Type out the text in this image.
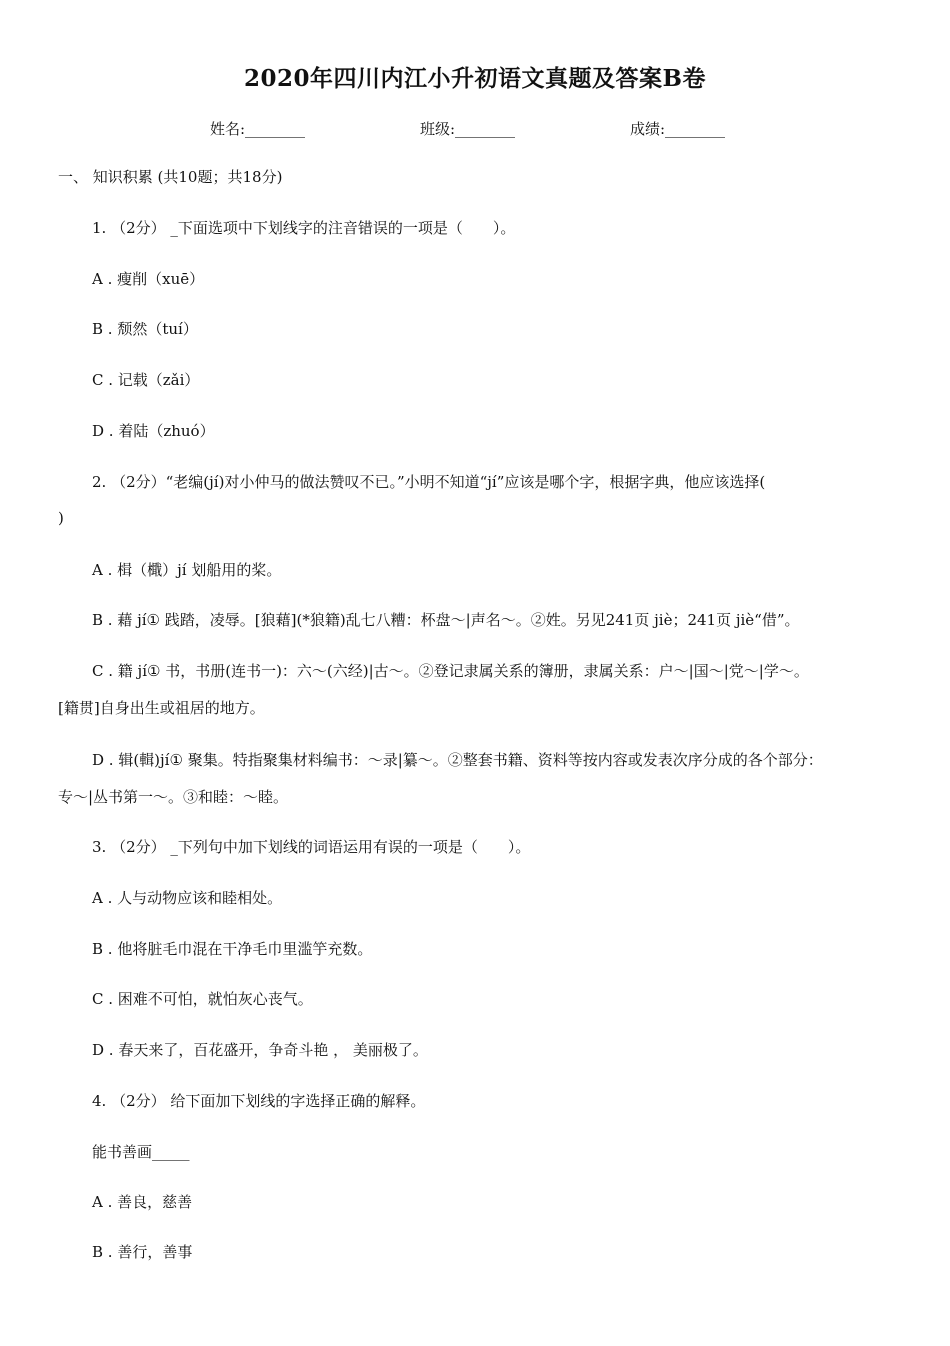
2020年四川内江小升初语文真题及答案B卷
姓名:________	班级:________	成绩:________
一、 知识积累 (共10题；共18分)
1. （2分） _下面选项中下划线字的注音错误的一项是（　　）。
A . 瘦削（xuē）
B . 颓然（tuí）
C . 记载（zǎi）
D . 着陆（zhuó）
2. （2分）“老编(jí)对小仲马的做法赞叹不已。”小明不知道“jí”应该是哪个字，根据字典，他应该选择(
)
A . 楫（檝）jí 划船用的桨。
B . 藉 jí① 践踏，凌辱。[狼藉](*狼籍)乱七八糟：杯盘～|声名～。②姓。另见241页 jiè；241页 jiè“借”。
C . 籍 jí① 书，书册(连书一)：六～(六经)|古～。②登记隶属关系的簿册，隶属关系：户～|国～|党～|学～。
[籍贯]自身出生或祖居的地方。
D . 辑(輯)jí① 聚集。特指聚集材料编书：～录|纂～。②整套书籍、资料等按内容或发表次序分成的各个部分：
专～|丛书第一～。③和睦：～睦。
3. （2分） _下列句中加下划线的词语运用有误的一项是（　　）。
A . 人与动物应该和睦相处。
B . 他将脏毛巾混在干净毛巾里滥竽充数。
C . 困难不可怕，就怕灰心丧气。
D . 春天来了，百花盛开，争奇斗艳 ， 美丽极了。
4. （2分） 给下面加下划线的字选择正确的解释。
能书善画_____
A . 善良，慈善
B . 善行，善事
